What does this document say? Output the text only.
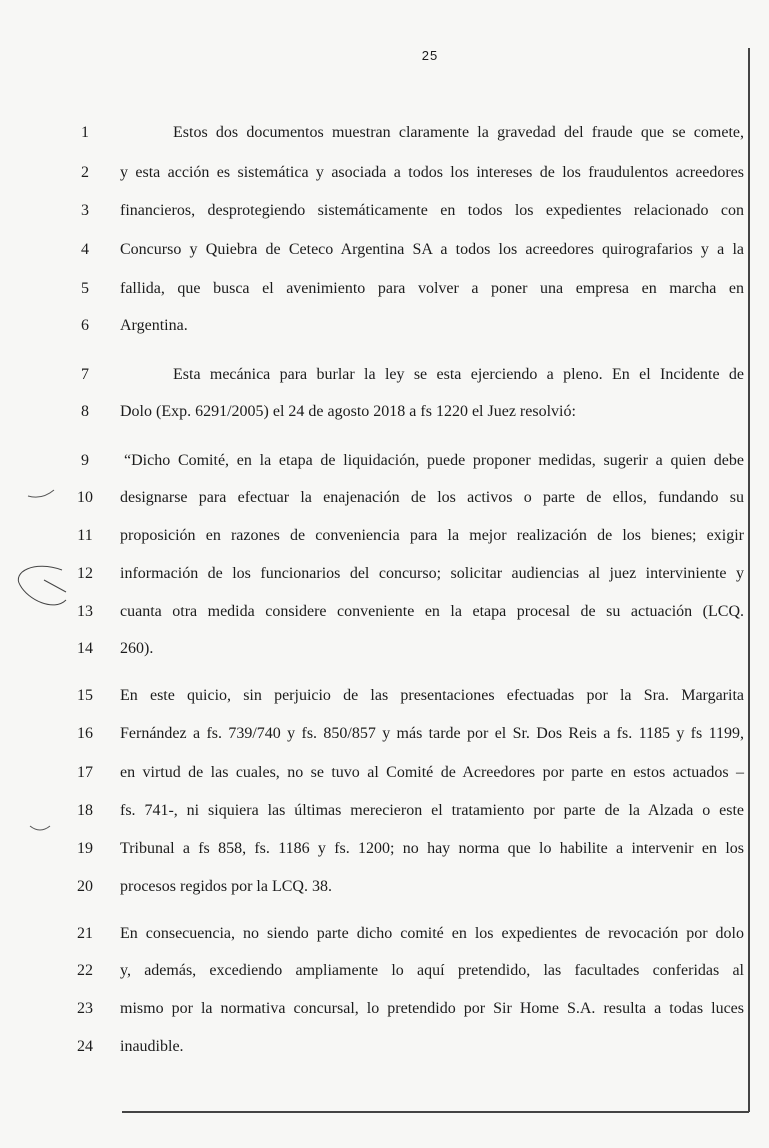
25
1	Estos dos documentos muestran claramente la gravedad del fraude que se comete,
2	y esta acción es sistemática y asociada a todos los intereses de los fraudulentos acreedores
3	financieros, desprotegiendo sistemáticamente en todos los expedientes relacionado con
4	Concurso y Quiebra de Ceteco Argentina SA a todos los acreedores quirografarios y a la
5	fallida, que busca el avenimiento para volver a poner una empresa en marcha en
6	Argentina.
7	Esta mecánica para burlar la ley se esta ejerciendo a pleno. En el Incidente de
8	Dolo (Exp. 6291/2005) el 24 de agosto 2018 a fs 1220 el Juez resolvió:
9	“Dicho Comité, en la etapa de liquidación, puede proponer medidas, sugerir a quien debe
10	designarse para efectuar la enajenación de los activos o parte de ellos, fundando su
11	proposición en razones de conveniencia para la mejor realización de los bienes; exigir
12	información de los funcionarios del concurso; solicitar audiencias al juez interviniente y
13	cuanta otra medida considere conveniente en la etapa procesal de su actuación (LCQ.
14	260).
15	En este quicio, sin perjuicio de las presentaciones efectuadas por la Sra. Margarita
16	Fernández a fs. 739/740 y fs. 850/857 y más tarde por el Sr. Dos Reis a fs. 1185 y fs 1199,
17	en virtud de las cuales, no se tuvo al Comité de Acreedores por parte en estos actuados –
18	fs. 741-, ni siquiera las últimas merecieron el tratamiento por parte de la Alzada o este
19	Tribunal a fs 858, fs. 1186 y fs. 1200; no hay norma que lo habilite a intervenir en los
20	procesos regidos por la LCQ. 38.
21	En consecuencia, no siendo parte dicho comité en los expedientes de revocación por dolo
22	y, además, excediendo ampliamente lo aquí pretendido, las facultades conferidas al
23	mismo por la normativa concursal, lo pretendido por Sir Home S.A. resulta a todas luces
24	inaudible.
